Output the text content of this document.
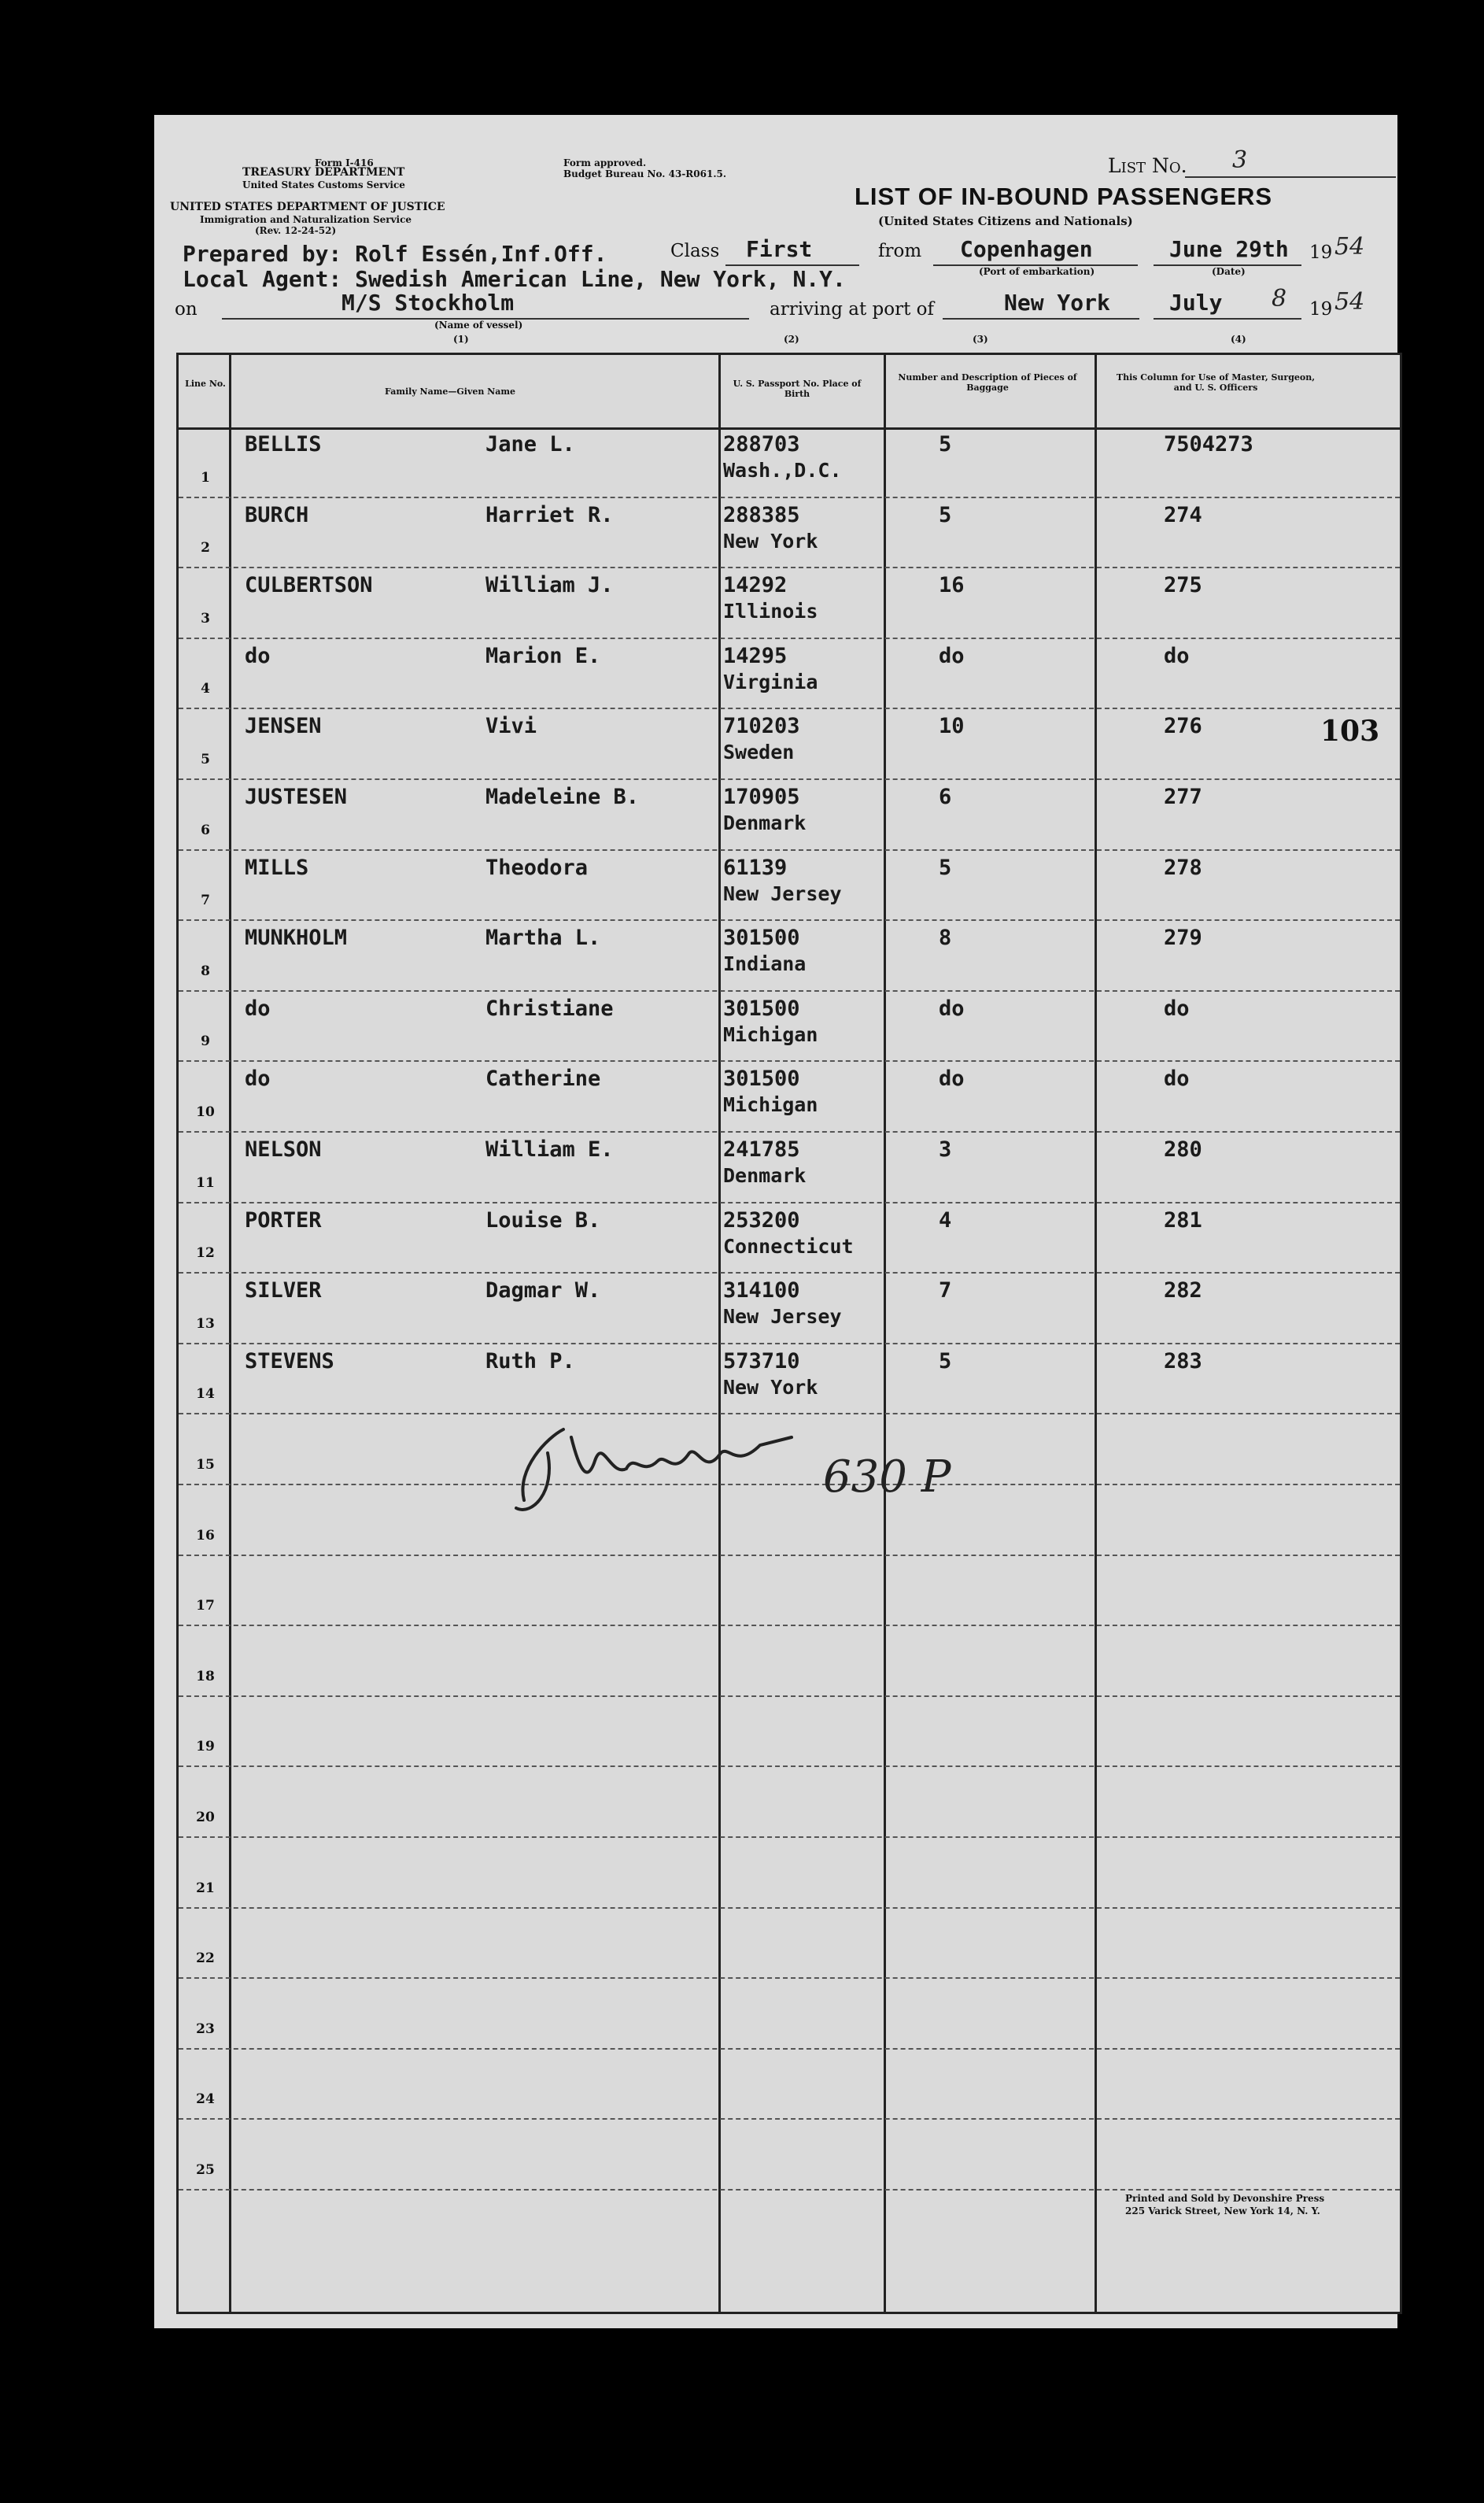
Form I-416
TREASURY DEPARTMENT
United States Customs Service
UNITED STATES DEPARTMENT OF JUSTICE
Immigration and Naturalization Service
(Rev. 12-24-52)
Form approved.
Budget Bureau No. 43-R061.5.	List No. 3
LIST OF IN-BOUND PASSENGERS
(United States Citizens and Nationals)
Prepared by: Rolf Essén,Inf.Off.	Class First	from Copenhagen
(Port of embarkation)
June 29th
(Date)
19 54
Local Agent: Swedish American Line, New York, N.Y.
on	M/S Stockholm
(Name of vessel)
arriving at port of	New York	July 8 19 54
(1)	(2)	(3)	(4)
Line No.
Family Name—Given Name
U. S. Passport No. Place of Birth
Number and Description of Pieces of Baggage
This Column for Use of Master, Surgeon, and U. S. Officers
1
BELLIS	Jane L.	288703
Wash.,D.C.
5	7504273
2
BURCH	Harriet R.	288385
New York
5	274
3
CULBERTSON	William J.	14292
Illinois
16	275
4
do	Marion E.	14295
Virginia
do	do
5
JENSEN	Vivi	710203
Sweden
10	276
6
JUSTESEN	Madeleine B.	170905
Denmark
6	277
7
MILLS	Theodora	61139
New Jersey
5	278
8
MUNKHOLM	Martha L.	301500
Indiana
8	279
9
do	Christiane	301500
Michigan
do	do
10
do	Catherine	301500
Michigan
do	do
11
NELSON	William E.	241785
Denmark
3	280
12
PORTER	Louise B.	253200
Connecticut
4	281
13
SILVER	Dagmar W.	314100
New Jersey
7	282
14
STEVENS	Ruth P.	573710
New York
5	283
15
16
17
18
19
20
21
22
23
24
25
103
630 P
Printed and Sold by Devonshire Press
225 Varick Street, New York 14, N. Y.
